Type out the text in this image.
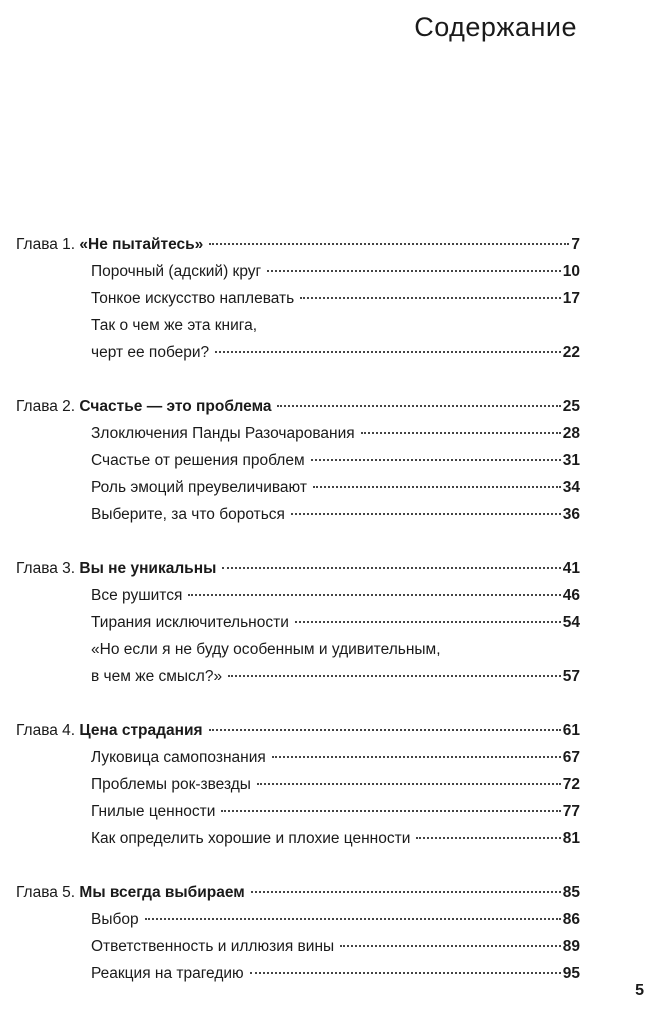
Содержание
Глава 1. «Не пытайтесь»	7
Порочный (адский) круг	10
Тонкое искусство наплевать	17
Так о чем же эта книга,
черт ее побери?	22
Глава 2. Счастье — это проблема	25
Злоключения Панды Разочарования	28
Счастье от решения проблем	31
Роль эмоций преувеличивают	34
Выберите, за что бороться	36
Глава 3. Вы не уникальны	41
Все рушится	46
Тирания исключительности	54
«Но если я не буду особенным и удивительным,
в чем же смысл?»	57
Глава 4. Цена страдания	61
Луковица самопознания	67
Проблемы рок-звезды	72
Гнилые ценности	77
Как определить хорошие и плохие ценности	81
Глава 5. Мы всегда выбираем	85
Выбор	86
Ответственность и иллюзия вины	89
Реакция на трагедию	95
5
